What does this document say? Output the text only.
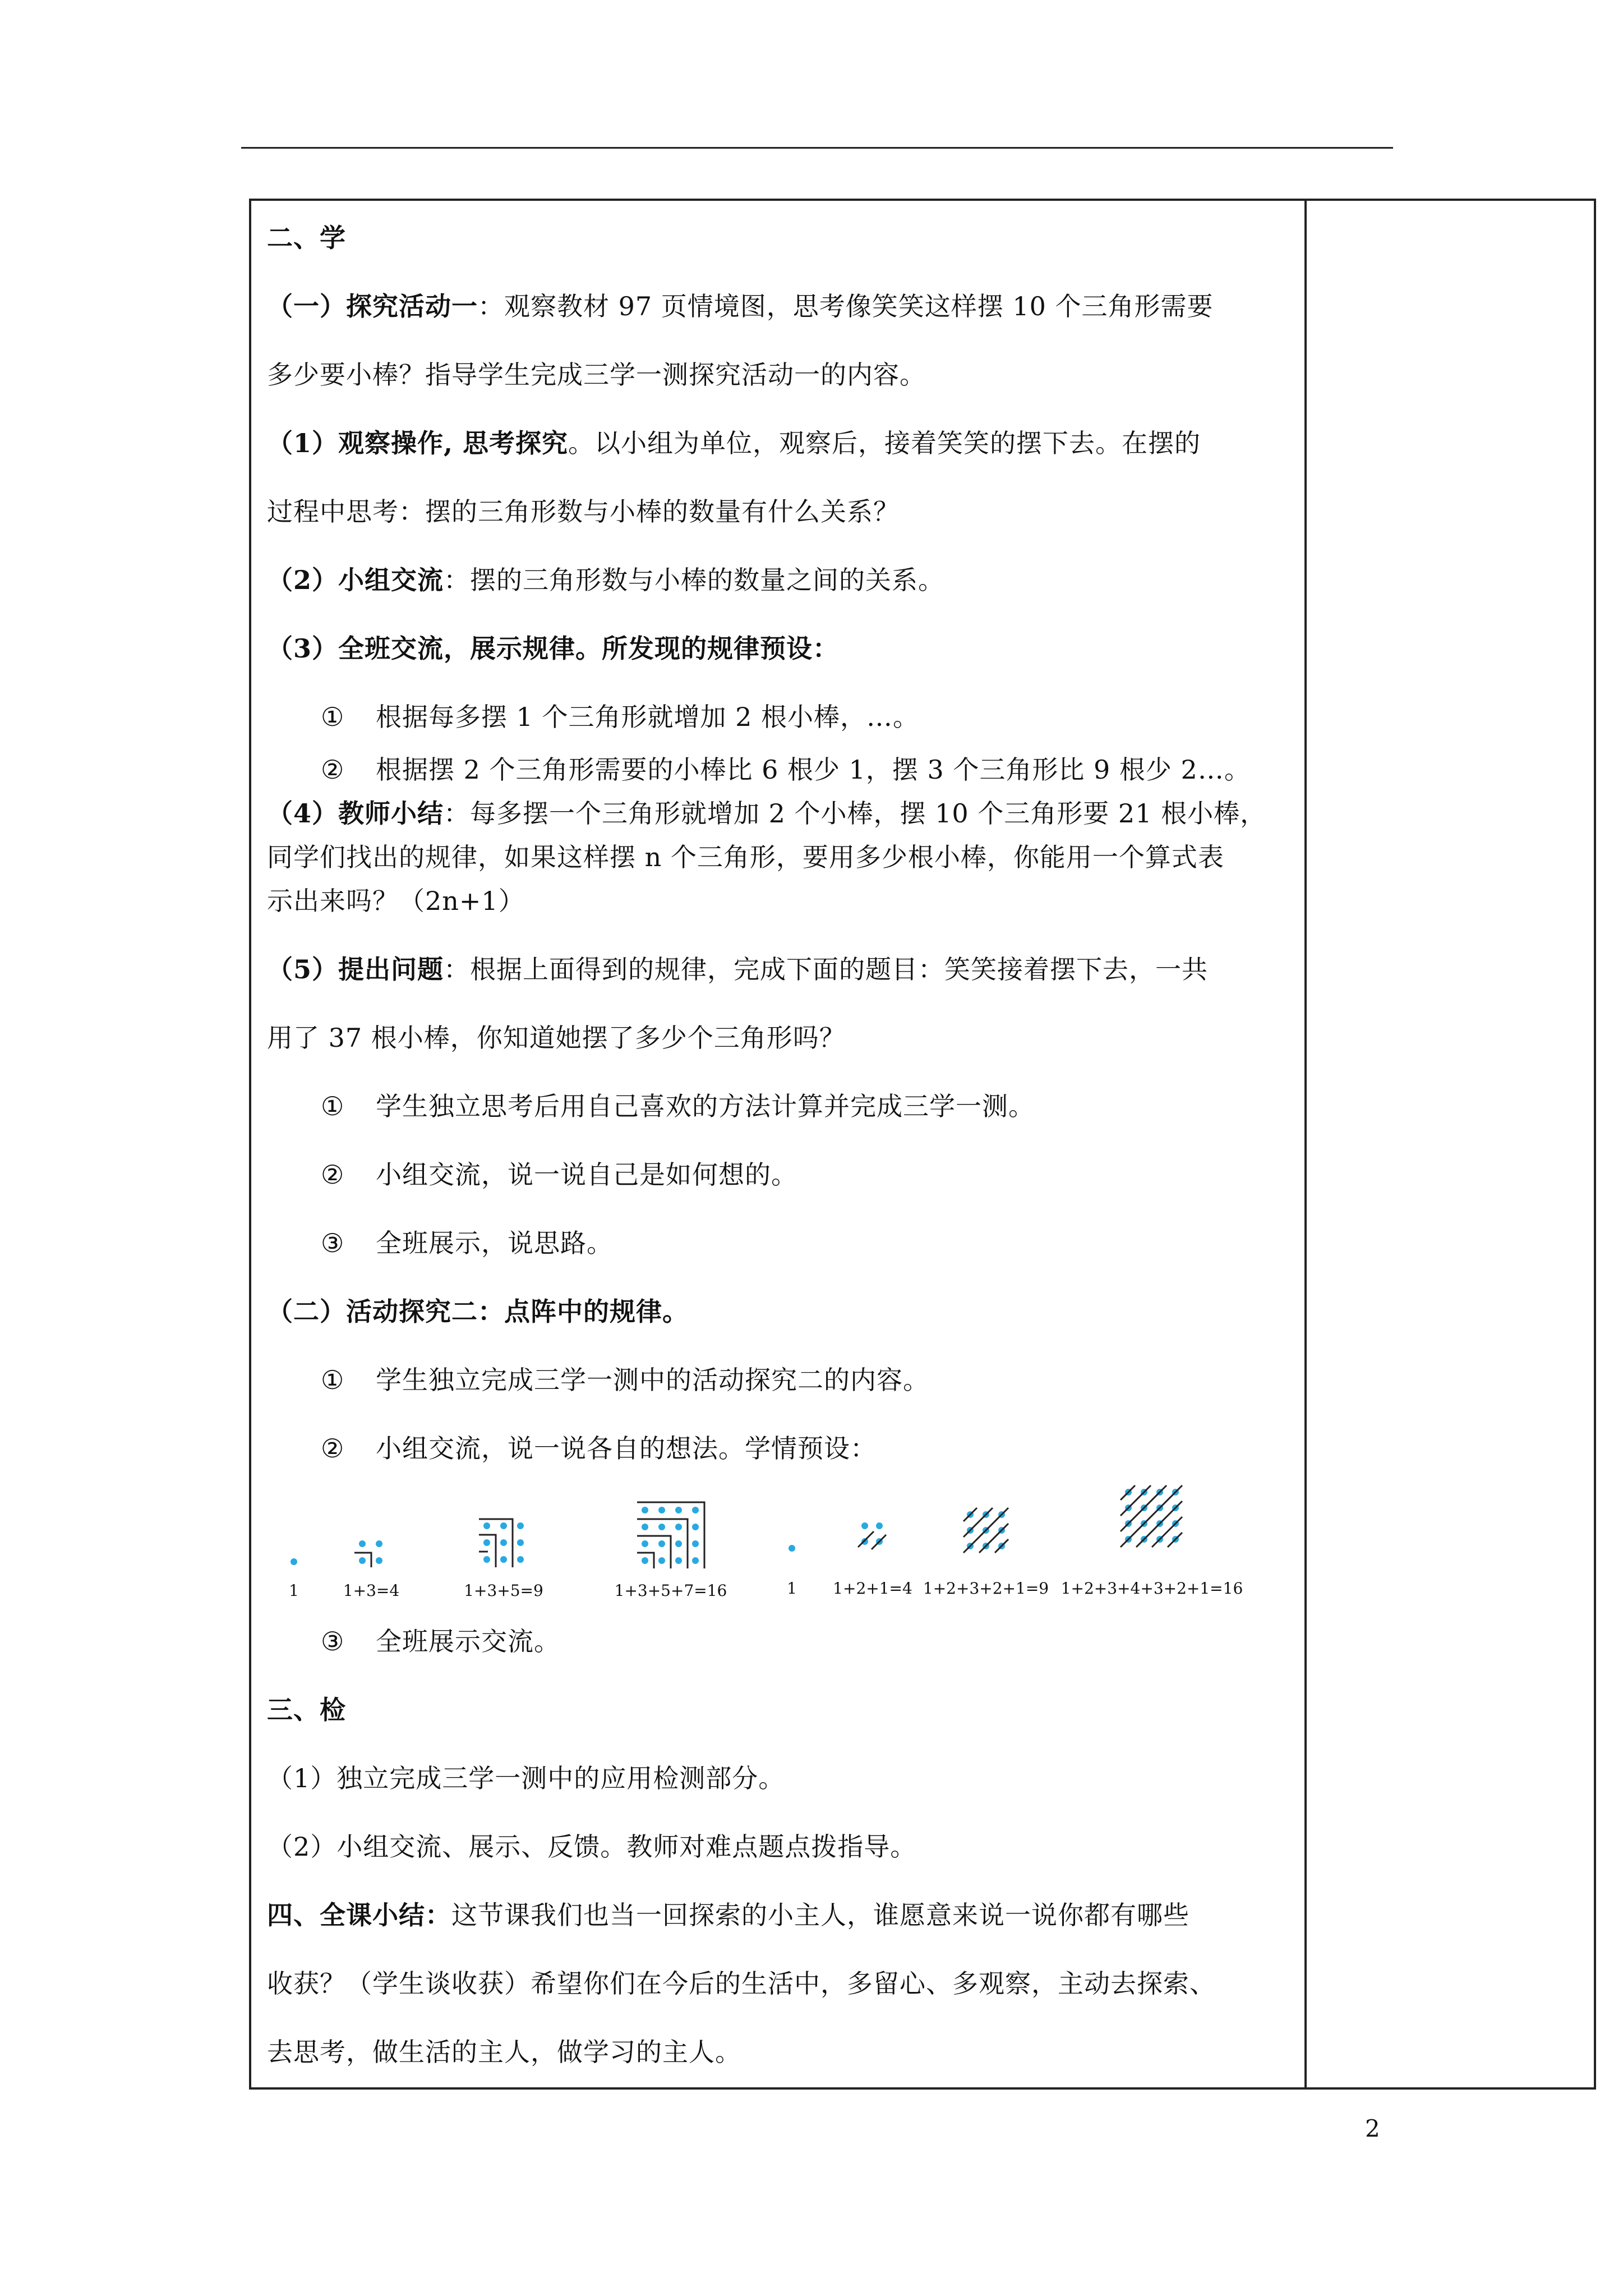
二、学
（一）探究活动一：观察教材 97 页情境图，思考像笑笑这样摆 10 个三角形需要
多少要小棒？指导学生完成三学一测探究活动一的内容。
（1）观察操作, 思考探究。以小组为单位，观察后，接着笑笑的摆下去。在摆的
过程中思考：摆的三角形数与小棒的数量有什么关系？
（2）小组交流：摆的三角形数与小棒的数量之间的关系。
（3）全班交流，展示规律。所发现的规律预设：
① 根据每多摆 1 个三角形就增加 2 根小棒，…。
② 根据摆 2 个三角形需要的小棒比 6 根少 1，摆 3 个三角形比 9 根少 2…。
（4）教师小结：每多摆一个三角形就增加 2 个小棒，摆 10 个三角形要 21 根小棒，
同学们找出的规律，如果这样摆 n 个三角形，要用多少根小棒，你能用一个算式表
示出来吗？（2n+1）
（5）提出问题：根据上面得到的规律，完成下面的题目：笑笑接着摆下去，一共
用了 37 根小棒，你知道她摆了多少个三角形吗？
① 学生独立思考后用自己喜欢的方法计算并完成三学一测。
② 小组交流，说一说自己是如何想的。
③ 全班展示，说思路。
（二）活动探究二：点阵中的规律。
① 学生独立完成三学一测中的活动探究二的内容。
② 小组交流，说一说各自的想法。学情预设：
③ 全班展示交流。
三、检
（1）独立完成三学一测中的应用检测部分。
（2）小组交流、展示、反馈。教师对难点题点拨指导。
四、全课小结：这节课我们也当一回探索的小主人，谁愿意来说一说你都有哪些
收获？（学生谈收获）希望你们在今后的生活中，多留心、多观察，主动去探索、
去思考，做生活的主人，做学习的主人。
1	1+3=4	1+3+5=9	1+3+5+7=16	1 1+2+1=4 1+2+3+2+1=9 1+2+3+4+3+2+1=16
2
